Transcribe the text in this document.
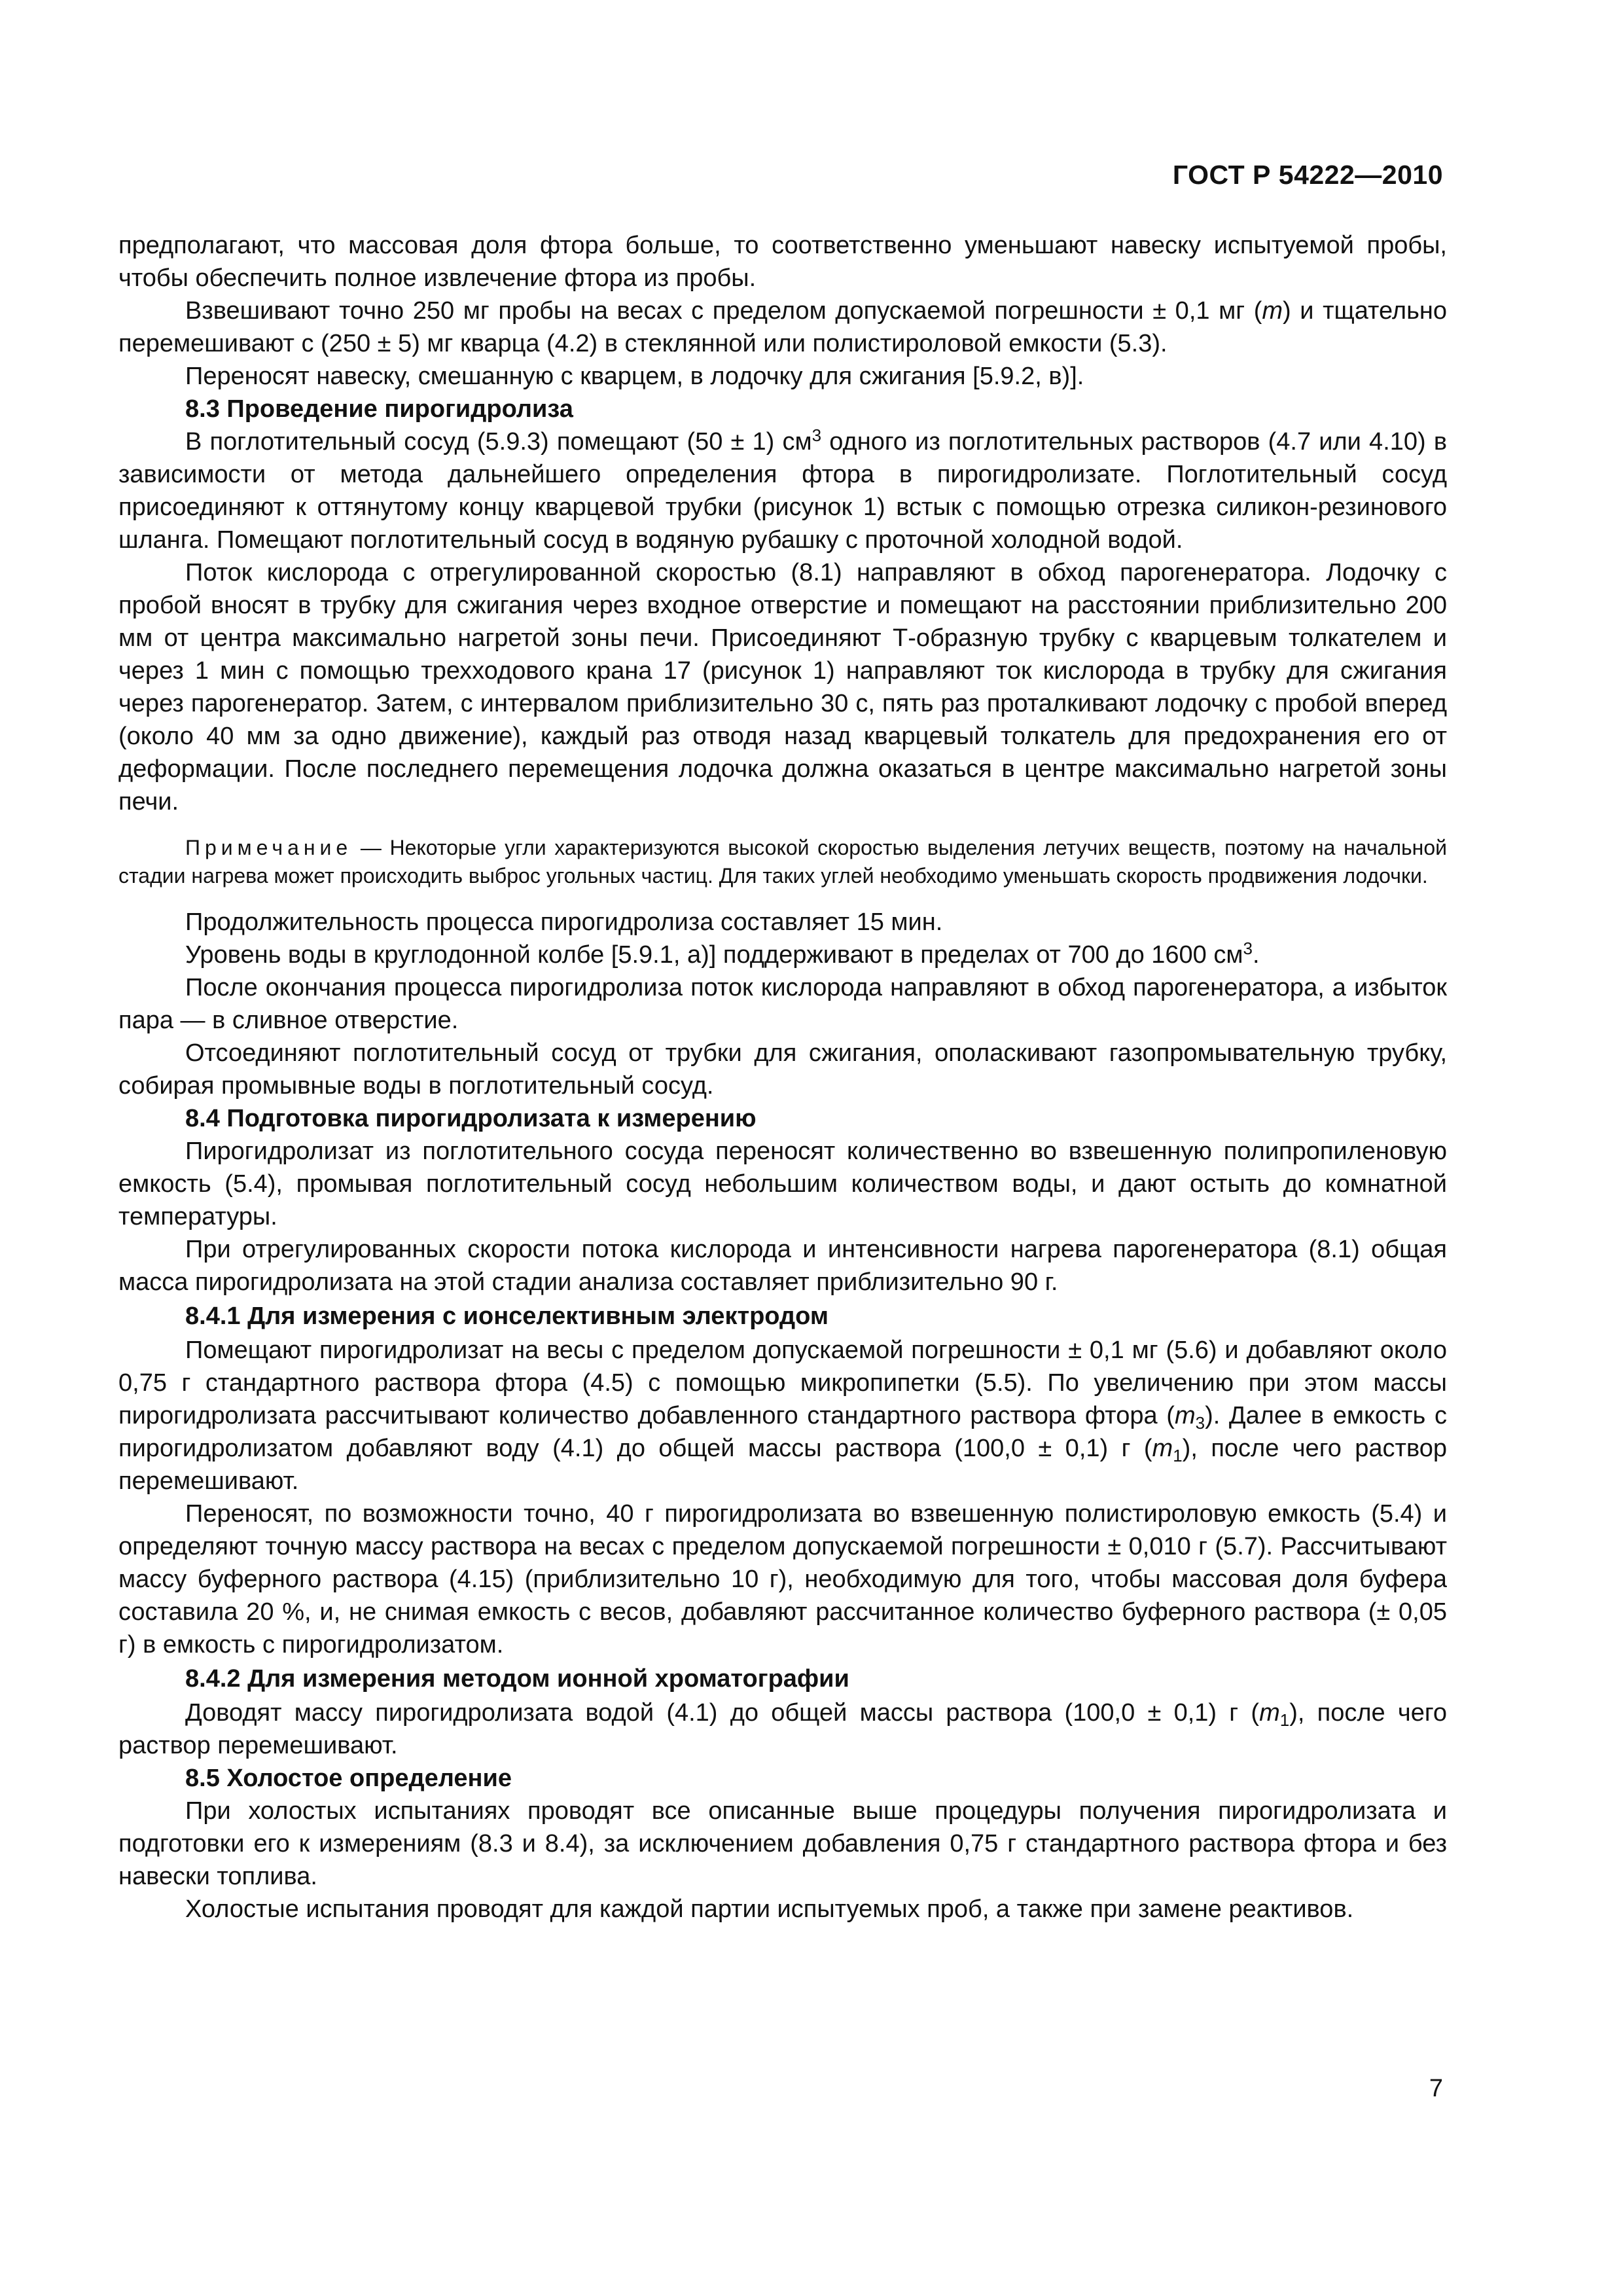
ГОСТ Р 54222—2010

предполагают, что массовая доля фтора больше, то соответственно уменьшают навеску испытуемой пробы, чтобы обеспечить полное извлечение фтора из пробы.

Взвешивают точно 250 мг пробы на весах с пределом допускаемой погрешности ± 0,1 мг (m) и тщательно перемешивают с (250 ± 5) мг кварца (4.2) в стеклянной или полистироловой емкости (5.3).

Переносят навеску, смешанную с кварцем, в лодочку для сжигания [5.9.2, в)].

8.3 Проведение пирогидролиза

В поглотительный сосуд (5.9.3) помещают (50 ± 1) $см^3$ одного из поглотительных растворов (4.7 или 4.10) в зависимости от метода дальнейшего определения фтора в пирогидролизате. Поглотительный сосуд присоединяют к оттянутому концу кварцевой трубки (рисунок 1) встык с помощью отрезка силикон-резинового шланга. Помещают поглотительный сосуд в водяную рубашку с проточной холодной водой.

Поток кислорода с отрегулированной скоростью (8.1) направляют в обход парогенератора. Лодочку с пробой вносят в трубку для сжигания через входное отверстие и помещают на расстоянии приблизительно 200 мм от центра максимально нагретой зоны печи. Присоединяют Т-образную трубку с кварцевым толкателем и через 1 мин с помощью трехходового крана 17 (рисунок 1) направляют ток кислорода в трубку для сжигания через парогенератор. Затем, с интервалом приблизительно 30 с, пять раз проталкивают лодочку с пробой вперед (около 40 мм за одно движение), каждый раз отводя назад кварцевый толкатель для предохранения его от деформации. После последнего перемещения лодочка должна оказаться в центре максимально нагретой зоны печи.

Примечание — Некоторые угли характеризуются высокой скоростью выделения летучих веществ, поэтому на начальной стадии нагрева может происходить выброс угольных частиц. Для таких углей необходимо уменьшать скорость продвижения лодочки.

Продолжительность процесса пирогидролиза составляет 15 мин.

Уровень воды в круглодонной колбе [5.9.1, а)] поддерживают в пределах от 700 до 1600 $см^3$.

После окончания процесса пирогидролиза поток кислорода направляют в обход парогенератора, а избыток пара — в сливное отверстие.

Отсоединяют поглотительный сосуд от трубки для сжигания, ополаскивают газопромывательную трубку, собирая промывные воды в поглотительный сосуд.

8.4 Подготовка пирогидролизата к измерению

Пирогидролизат из поглотительного сосуда переносят количественно во взвешенную полипропиленовую емкость (5.4), промывая поглотительный сосуд небольшим количеством воды, и дают остыть до комнатной температуры.

При отрегулированных скорости потока кислорода и интенсивности нагрева парогенератора (8.1) общая масса пирогидролизата на этой стадии анализа составляет приблизительно 90 г.

8.4.1 Для измерения с ионселективным электродом

Помещают пирогидролизат на весы с пределом допускаемой погрешности ± 0,1 мг (5.6) и добавляют около 0,75 г стандартного раствора фтора (4.5) с помощью микропипетки (5.5). По увеличению при этом массы пирогидролизата рассчитывают количество добавленного стандартного раствора фтора $(m_3)$. Далее в емкость с пирогидролизатом добавляют воду (4.1) до общей массы раствора (100,0 ± 0,1) г $(m_1)$, после чего раствор перемешивают.

Переносят, по возможности точно, 40 г пирогидролизата во взвешенную полистироловую емкость (5.4) и определяют точную массу раствора на весах с пределом допускаемой погрешности ± 0,010 г (5.7). Рассчитывают массу буферного раствора (4.15) (приблизительно 10 г), необходимую для того, чтобы массовая доля буфера составила 20 %, и, не снимая емкость с весов, добавляют рассчитанное количество буферного раствора (± 0,05 г) в емкость с пирогидролизатом.

8.4.2 Для измерения методом ионной хроматографии

Доводят массу пирогидролизата водой (4.1) до общей массы раствора (100,0 ± 0,1) г $(m_1)$, после чего раствор перемешивают.

8.5 Холостое определение

При холостых испытаниях проводят все описанные выше процедуры получения пирогидролизата и подготовки его к измерениям (8.3 и 8.4), за исключением добавления 0,75 г стандартного раствора фтора и без навески топлива.

Холостые испытания проводят для каждой партии испытуемых проб, а также при замене реактивов.

7
